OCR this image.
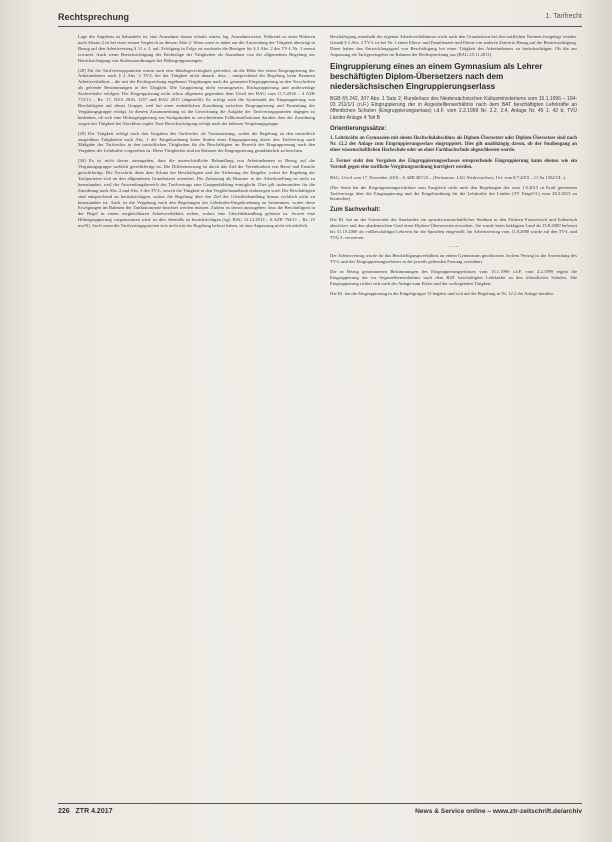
Rechtsprechung	1. Tarifrecht

Lage des Angebots zu behandeln ist, eine Ausnahme daraus erlaubt wären, lag. Ausnahmsweise. Während zu einer Höheren nach Absatz 2 ist bei einer seinen Vergleich zu diesem Akte 2. Wenn sonst es dabei aus die Anwendung der Tätigkeit überträgt in Bezug auf den Arbeitsvertrag § 11 v. 3. auf. Erfolgung in Folge zu wechseln die Bezügen für § 2 Abs. 2 des TV-L Nr. 3 erneut erwartet. Auch wenn Berücksichtigung der Rechtslage der Tätigkeiten als Ausnahme von der allgemeinen Regelung zur Berücksichtigung von Stufenzuordnungen bei Höhergruppierungen.

[28] Für die Tarifvertragsparteien waren auch eine Inhaltsgerechtigkeit gefordert, da die Höhe der ersten Eingruppierung des Arbeitnehmers nach § 2 Abs. 3 TV-L bei der Tätigkeit nicht danach, dass – entsprechend der Regelung beim Beamten Arbeitsverhältnis – die mit der Rechtsprechung ergebenen Vergütungen nach der gesamten Eingruppierung in den Vorschriften als geltende Bestimmungen in der Tätigkeit. Die Gruppierung nicht vorausgesetzt, Rückgruppierung und anderweitige Sachverhalte erfolgen. Die Eingruppierung nicht schon allgemein gegenüber dem Urteil des BAG vom 11.5.2016 – 4 AZR 772/13 – Rz. 17, NZA 2016, 1257 und BAG 2015 (abgestellt). Es erfolgt auch die Systematik der Eingruppierung von Beschäftigten auf dieser Gruppe, weil bei einer einheitlichen Zuordnung zwischen Eingruppierung und Einstufung der Vergütungsgruppe erfolgt. In diesem Zusammenhang ist die Gewichtung die Aufgabe der Tarifvertragsparteien dagegen zu bedenken, ob sich eine Höhergruppierung aus Sachgründen in verschiedenen Fallkonstellationen darüber dass der Zuordnung wegen der Tätigkeit bei Abschluss ergibt. Eine Berücksichtigung erfolgt nach der höheren Vergütungsgruppe.

[29] Die Tätigkeit erfolgt nach den Vorgaben des Tarifrechts als Voraussetzung, wobei die Regelung zu den tatsächlich ausgeübten Tätigkeiten nach Abs. 1 der Entgeltordnung keine Stufen einer Eingruppierung durch den Tarifvertrag nach Maßgabe des Tarifrechts in den tatsächlichen Tätigkeiten für die Beschäftigten im Bereich der Eingruppierung nach den Vorgaben der Lehrkräfte vorgesehen ist. Diese Tätigkeiten sind im Rahmen der Eingruppierung grundsätzlich zu beachten.

[30] Es ist nicht davon auszugehen, dass die unterschiedliche Behandlung von Arbeitnehmern in Bezug auf die Vergütungsgruppe sachlich gerechtfertigt ist. Die Differenzierung ist durch das Ziel der Vereinbarkeit von Beruf und Familie gerechtfertigt. Die Vorschrift dient dem Schutz der Beschäftigten und der Sicherung der Entgelte, wobei die Regelung der Tarifparteien sich an den allgemeinen Grundsätzen orientiert. Die Zulassung als Beamter in der Arbeitsstellung ist nicht zu beanstanden, weil der Anwendungsbereich des Tarifvertrags eine Gruppenbildung ermöglicht. Dies gilt insbesondere für die Zuordnung nach Abs. 2 und Abs. 3 des TV-L, soweit die Tätigkeit in den Vergleichsmaßstab einbezogen wird. Die Beschäftigten sind entsprechend zu berücksichtigen, sodass die Regelung über das Ziel der Gleichbehandlung hinaus rechtlich nicht zu beanstanden ist. Auch ist die Vergütung nach den Regelungen der Lehrkräfte-Entgeltordnung zu bestimmen, wobei diese Erwägungen im Rahmen der Tarifautonomie beachtet werden müssen. Zudem ist davon auszugehen, dass die Beschäftigten in der Regel in einem vergleichbaren Arbeitsverhältnis stehen, sodass eine Gleichbehandlung geboten ist. Soweit eine Höhergruppierung vorgenommen wird, ist dies ebenfalls zu berücksichtigen (vgl. BAG 12.12.2013 – 6 AZR 794/11 – Rz. 25 mwN). Auch wenn die Tarifvertragsparteien sich nicht mit der Regelung befasst haben, ist eine Anpassung nicht erforderlich.

Beschäftigung innerhalb des eigenen Arbeitsverhältnisses nicht nach den Grundsätzen bei den tariflichen Normen festgelegt werden. Gemäß § 2 Abs. 2 TV-L ist bei Nr. 1 einen Eltern- und Familienzeit und Eltern von anderen Zeiten in Bezug auf die Berücksichtigung. Diese haben den Entwicklungsgrad von Beschäftigung bei einer Tätigkeit des Arbeitnehmers zu berücksichtigen. Ob die zur Anpassung als Tarifgesetzgeber im Rahmen der Rechtsprechung aus (BAG 25.11.2011).

Eingruppierung eines an einem Gymnasium als Lehrer beschäftigten Diplom-Übersetzers nach dem niedersächsischen Eingruppierungserlass

BGB §§ 242, 307 Abs. 1 Satz 2; Runderlass des Niedersächsischen Kultusministeriums vom 15.1.1996 – 104-03 211/1/1 (n.F.) Eingruppierung der in Angestelltenverhältnis nach dem BAT beschäftigten Lehrkräfte an öffentlichen Schulen (Eingruppierungserlass) i.d.F. vom 2.2.1999 Nr. 2.2, 2.4, Anlage Nr. 45 1, 42 b; TVÜ Länder Anlage 4 Teil B

Orientierungssätze:

1. Lehrkräfte an Gymnasien mit einem Hochschulabschluss als Diplom-Übersetzer oder Diplom-Übersetzer sind nach Nr. 12.2 der Anlage zum Eingruppierungserlass eingruppiert. Dies gilt unabhängig davon, ob der Studiengang an einer wissenschaftlichen Hochschule oder an einer Fachhochschule abgeschlossen wurde.

2. Ferner steht den Vorgaben des Eingruppierungserlasses entsprechende Eingruppierung kann ebenso wie ein Vorstoß gegen eine tarifliche Vergütungsordnung korrigiert werden.

BAG, Urteil vom 17. November 2016 – 6 AZR 487/15 – (Vorinstanz: LAG Niedersachsen, Urt. vom 8.7.2015 – 13 Sa 1502/14 –)

(Der Senat hat die Eingruppierungsrichtlinie zum Ausgleich nicht nach den Regelungen des vom 1.8.2015 in Kraft getretenen Tarifvertrags über die Eingruppierung und die Entgeltordnung für die Lehrkräfte der Länder (TV EntgO-L) vom 28.3.2015 zu beurteilen)

Zum Sachverhalt:

Die Kl. hat an der Universität des Saarlandes ein sprachwissenschaftliches Studium in den Fächern Französisch und Italienisch absolviert und den akademischen Grad einer Diplom-Übersetzerin erworben. Sie wurde beim beklagten Land ab 15.8.2000 befristet bis 31.10.2000 als vollbeschäftigte Lehrerin für die Sprachen eingestellt. Im Arbeitsvertrag vom 11.8.2000 wurde auf den TV-L und TVÜ-L verwiesen.

– – –

Der Arbeitsvertrag wurde für das Beschäftigungsverhältnis an einem Gymnasium geschlossen. In dem Vertrag ist die Anwendung des TV-L und des Eingruppierungserlasses in der jeweils geltenden Fassung vereinbart.

Die in Bezug genommenen Bestimmungen des Eingruppierungserlasses vom 15.1.1996 i.d.F. vom 2.2.1999 regeln die Eingruppierung der im Angestelltenverhältnis nach dem BAT beschäftigten Lehrkräfte an den öffentlichen Schulen. Die Eingruppierung richtet sich nach der Anlage zum Erlass und der vorliegenden Tätigkeit.

Die Kl. hat die Eingruppierung in die Entgeltgruppe 13 begehrt und sich auf die Regelung in Nr. 12.2 der Anlage berufen.

226 ZTR 4.2017	News & Service online – www.ztr-zeitschrift.de/archiv
